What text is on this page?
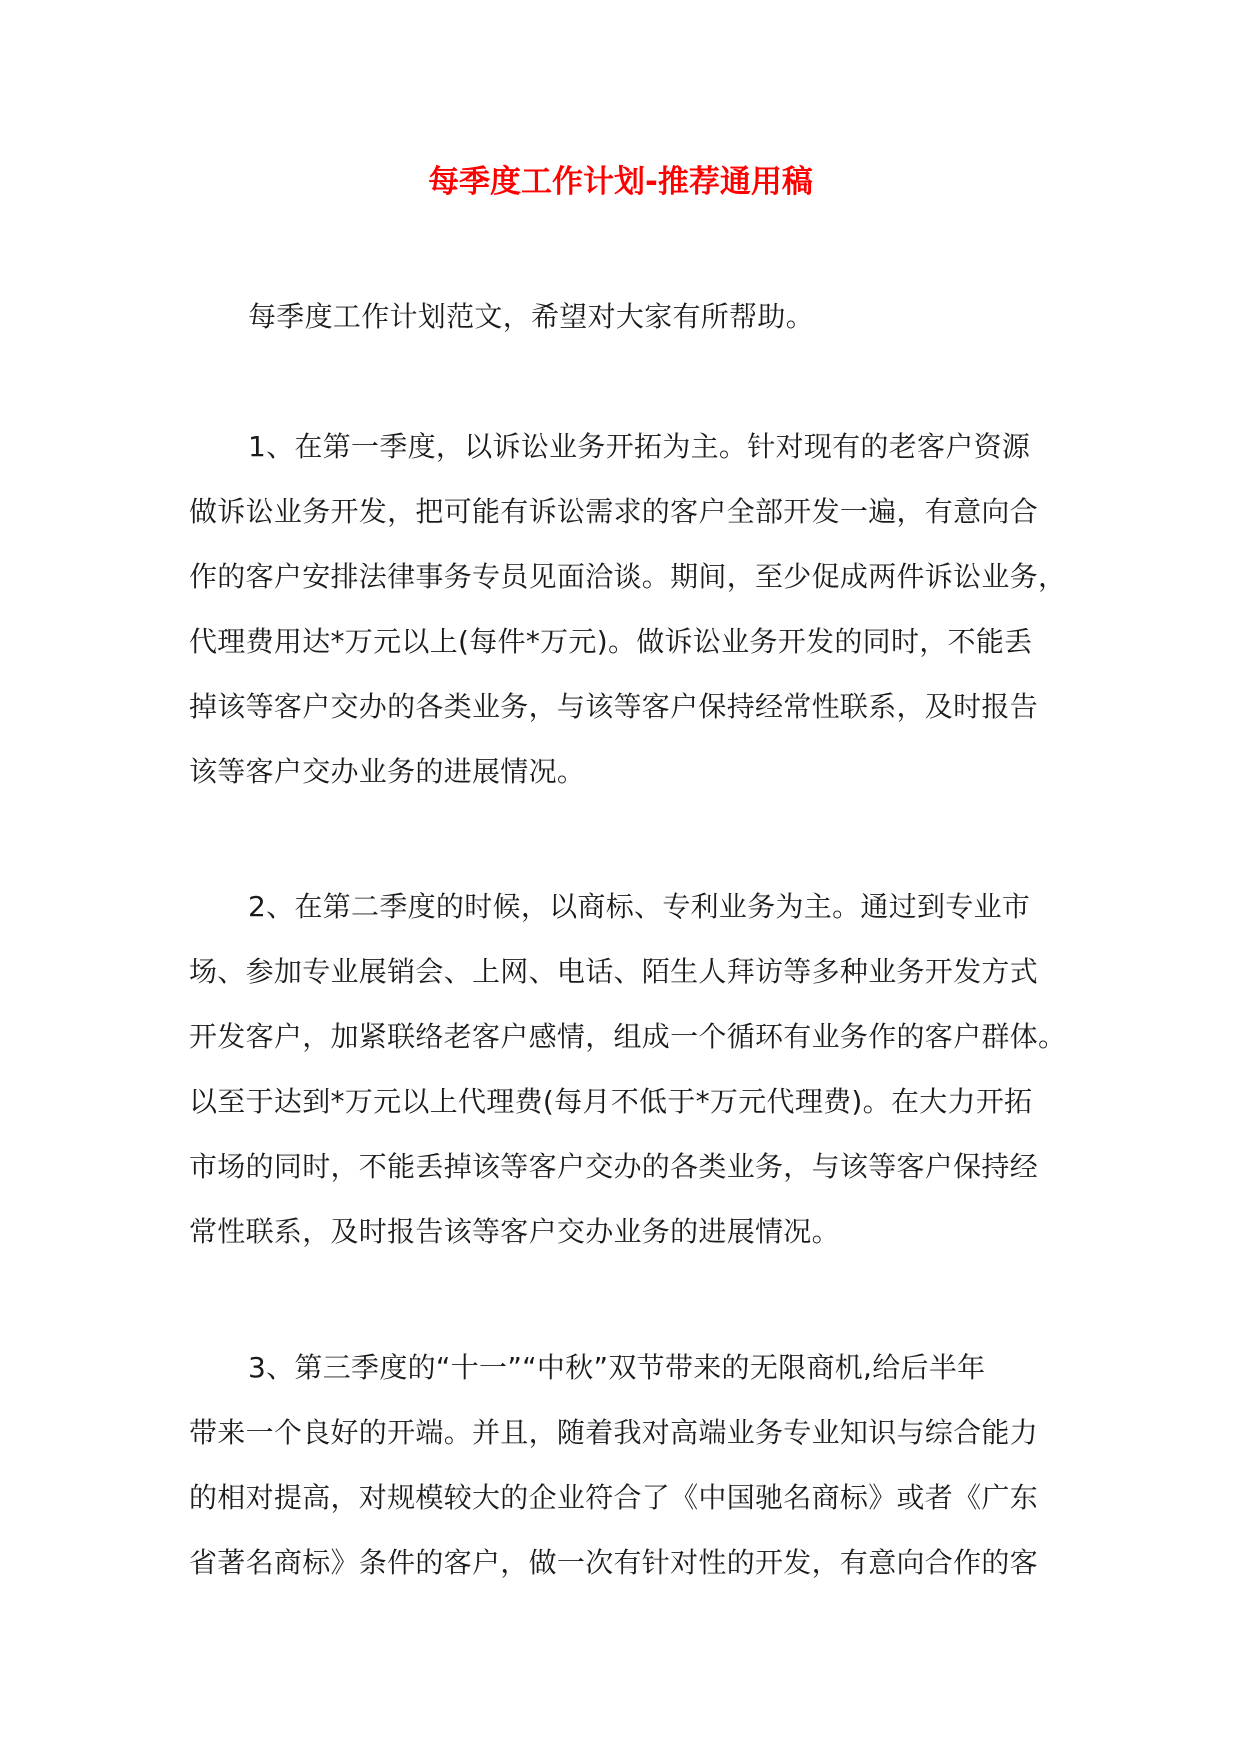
每季度工作计划-推荐通用稿

每季度工作计划范文，希望对大家有所帮助。

1、在第一季度，以诉讼业务开拓为主。针对现有的老客户资源
做诉讼业务开发，把可能有诉讼需求的客户全部开发一遍，有意向合
作的客户安排法律事务专员见面洽谈。期间，至少促成两件诉讼业务，
代理费用达*万元以上(每件*万元)。做诉讼业务开发的同时，不能丢
掉该等客户交办的各类业务，与该等客户保持经常性联系，及时报告
该等客户交办业务的进展情况。
2、在第二季度的时候，以商标、专利业务为主。通过到专业市
场、参加专业展销会、上网、电话、陌生人拜访等多种业务开发方式
开发客户，加紧联络老客户感情，组成一个循环有业务作的客户群体。
以至于达到*万元以上代理费(每月不低于*万元代理费)。在大力开拓
市场的同时，不能丢掉该等客户交办的各类业务，与该等客户保持经
常性联系，及时报告该等客户交办业务的进展情况。
3、第三季度的“十一”“中秋”双节带来的无限商机,给后半年
带来一个良好的开端。并且，随着我对高端业务专业知识与综合能力
的相对提高，对规模较大的企业符合了《中国驰名商标》或者《广东
省著名商标》条件的客户，做一次有针对性的开发，有意向合作的客
